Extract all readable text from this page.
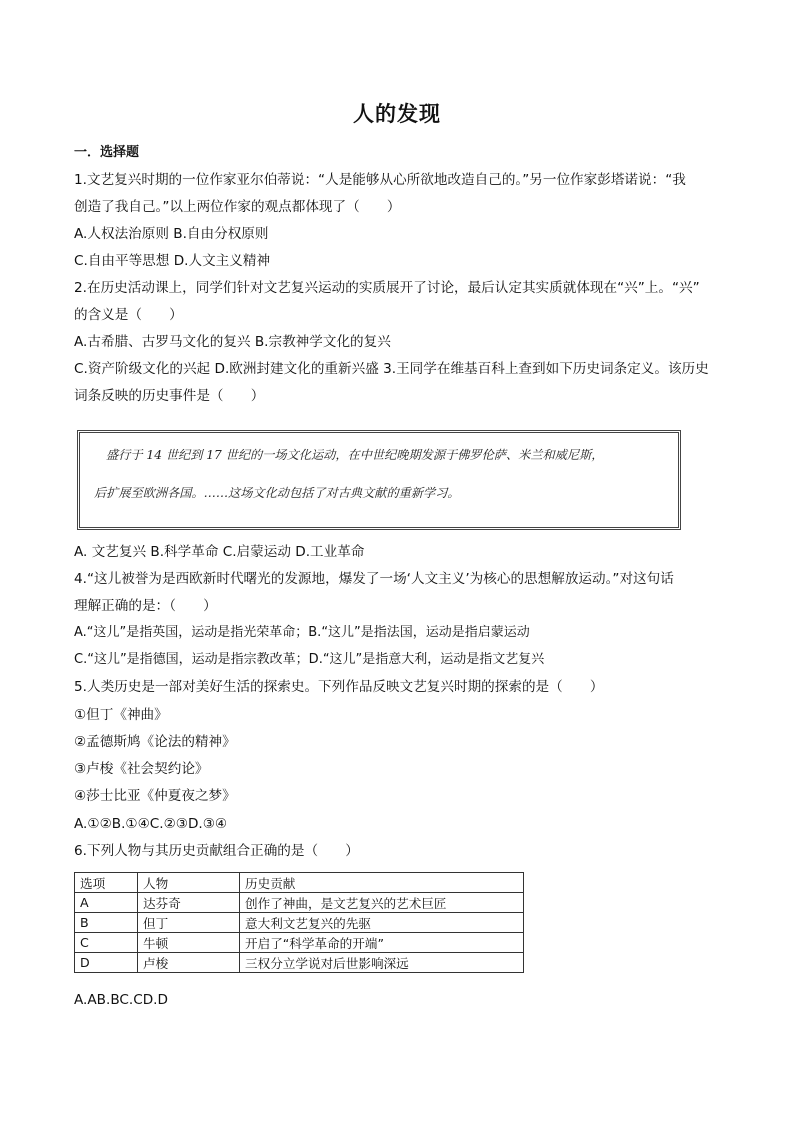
人的发现
一．选择题
1.文艺复兴时期的一位作家亚尔伯蒂说：“人是能够从心所欲地改造自己的。”另一位作家彭塔诺说：“我
创造了我自己。”以上两位作家的观点都体现了（　　）
A.人权法治原则 B.自由分权原则
C.自由平等思想 D.人文主义精神
2.在历史活动课上，同学们针对文艺复兴运动的实质展开了讨论，最后认定其实质就体现在“兴”上。“兴”
的含义是（　　）
A.古希腊、古罗马文化的复兴 B.宗教神学文化的复兴
C.资产阶级文化的兴起 D.欧洲封建文化的重新兴盛 3.王同学在维基百科上查到如下历史词条定义。该历史
词条反映的历史事件是（　　）
盛行于 14 世纪到 17 世纪的一场文化运动，在中世纪晚期发源于佛罗伦萨、米兰和威尼斯，
后扩展至欧洲各国。……这场文化动包括了对古典文献的重新学习。
A. 文艺复兴 B.科学革命 C.启蒙运动 D.工业革命
4.“这儿被誉为是西欧新时代曙光的发源地，爆发了一场‘人文主义’为核心的思想解放运动。”对这句话
理解正确的是：（　　）
A.“这儿”是指英国，运动是指光荣革命；B.“这儿”是指法国，运动是指启蒙运动
C.“这儿”是指德国，运动是指宗教改革；D.“这儿”是指意大利，运动是指文艺复兴
5.人类历史是一部对美好生活的探索史。下列作品反映文艺复兴时期的探索的是（　　）
①但丁《神曲》
②孟德斯鸠《论法的精神》
③卢梭《社会契约论》
④莎士比亚《仲夏夜之梦》
A.①②B.①④C.②③D.③④
6.下列人物与其历史贡献组合正确的是（　　）
选项	人物	历史贡献
A	达芬奇	创作了神曲，是文艺复兴的艺术巨匠
B	但丁	意大利文艺复兴的先驱
C	牛顿	开启了“科学革命的开端”
D	卢梭	三权分立学说对后世影响深远
A.AB.BC.CD.D
